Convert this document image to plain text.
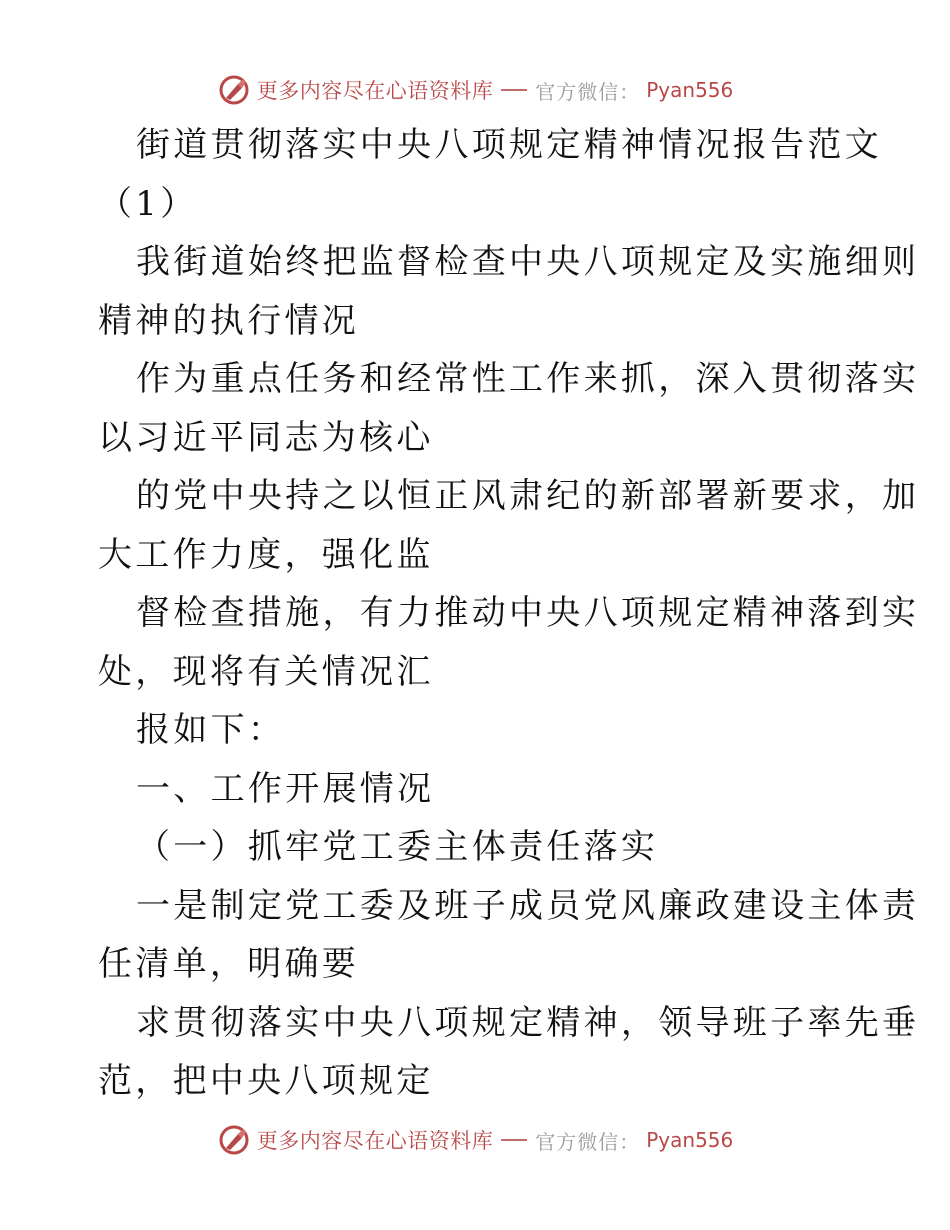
更多内容尽在心语资料库 官方微信： Pyan556
街道贯彻落实中央八项规定精神情况报告范文
（1）
我街道始终把监督检查中央八项规定及实施细则
精神的执行情况
作为重点任务和经常性工作来抓，深入贯彻落实
以习近平同志为核心
的党中央持之以恒正风肃纪的新部署新要求，加
大工作力度，强化监
督检查措施，有力推动中央八项规定精神落到实
处，现将有关情况汇
报如下：
一、工作开展情况
（一）抓牢党工委主体责任落实
一是制定党工委及班子成员党风廉政建设主体责
任清单，明确要
求贯彻落实中央八项规定精神，领导班子率先垂
范，把中央八项规定
更多内容尽在心语资料库 官方微信： Pyan556
